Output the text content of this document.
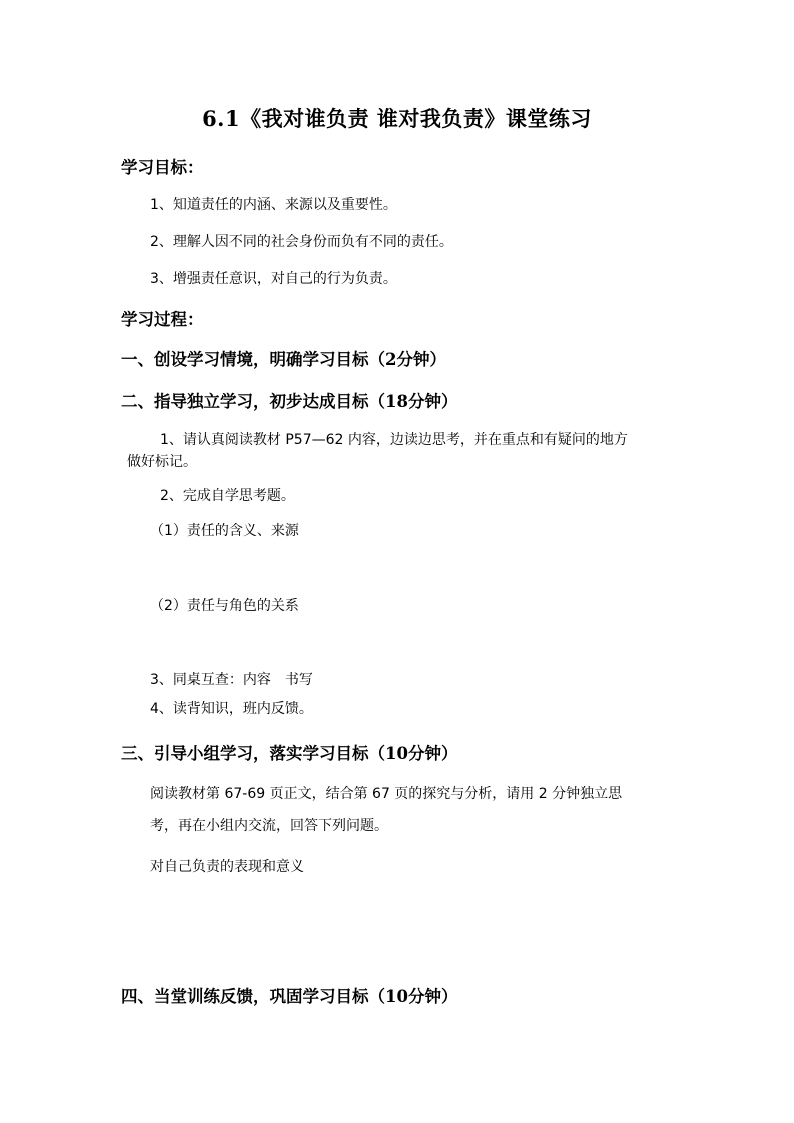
6.1《我对谁负责 谁对我负责》课堂练习
学习目标：
1、知道责任的内涵、来源以及重要性。
2、理解人因不同的社会身份而负有不同的责任。
3、增强责任意识，对自己的行为负责。
学习过程：
一、创设学习情境，明确学习目标（2分钟）
二、指导独立学习，初步达成目标（18分钟）
1、请认真阅读教材 P57—62 内容，边读边思考，并在重点和有疑问的地方
做好标记。
2、完成自学思考题。
（1）责任的含义、来源
（2）责任与角色的关系
3、同桌互查：内容　书写
4、读背知识，班内反馈。
三、引导小组学习，落实学习目标（10分钟）
阅读教材第 67-69 页正文，结合第 67 页的探究与分析，请用 2 分钟独立思
考，再在小组内交流，回答下列问题。
对自己负责的表现和意义
四、当堂训练反馈，巩固学习目标（10分钟）
